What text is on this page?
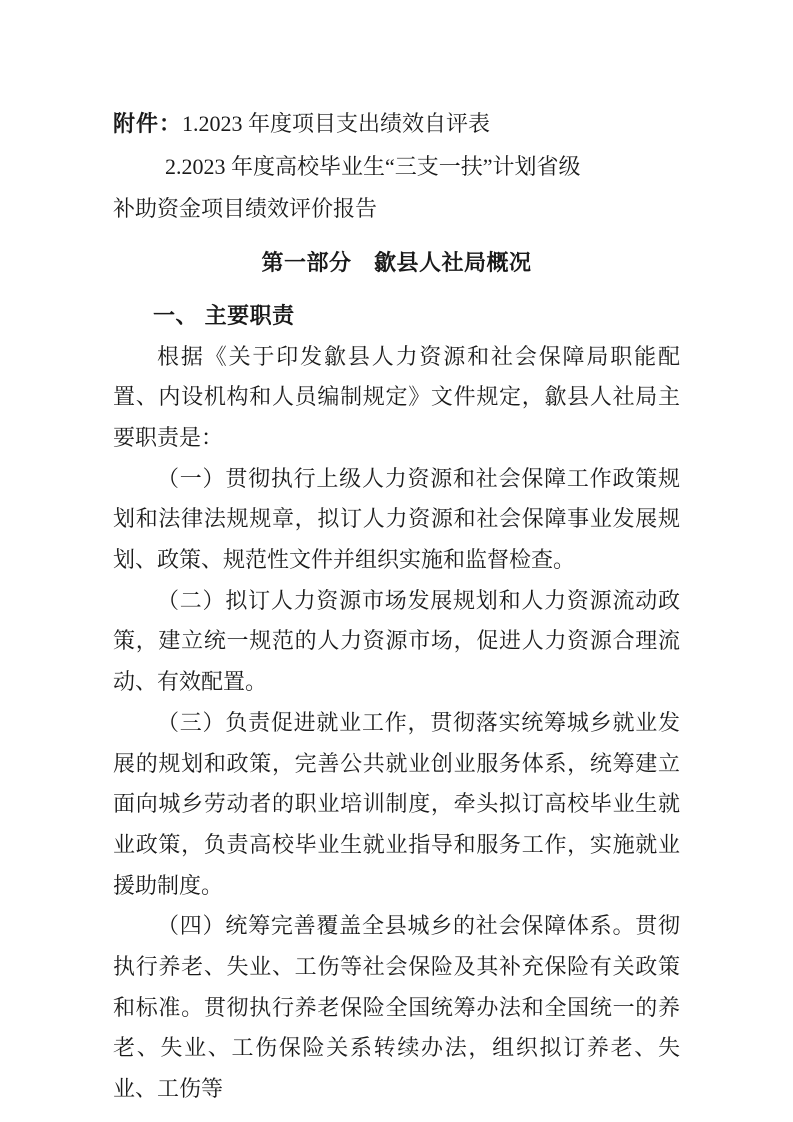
附件：1.2023 年度项目支出绩效自评表

2.2023 年度高校毕业生“三支一扶”计划省级

补助资金项目绩效评价报告

第一部分　歙县人社局概况
一、 主要职责

根据《关于印发歙县人力资源和社会保障局职能配置、内设机构和人员编制规定》文件规定，歙县人社局主要职责是：

（一）贯彻执行上级人力资源和社会保障工作政策规划和法律法规规章，拟订人力资源和社会保障事业发展规划、政策、规范性文件并组织实施和监督检查。

（二）拟订人力资源市场发展规划和人力资源流动政策，建立统一规范的人力资源市场，促进人力资源合理流动、有效配置。

（三）负责促进就业工作，贯彻落实统筹城乡就业发展的规划和政策，完善公共就业创业服务体系，统筹建立面向城乡劳动者的职业培训制度，牵头拟订高校毕业生就业政策，负责高校毕业生就业指导和服务工作，实施就业援助制度。

（四）统筹完善覆盖全县城乡的社会保障体系。贯彻执行养老、失业、工伤等社会保险及其补充保险有关政策和标准。贯彻执行养老保险全国统筹办法和全国统一的养老、失业、工伤保险关系转续办法，组织拟订养老、失业、工伤等
